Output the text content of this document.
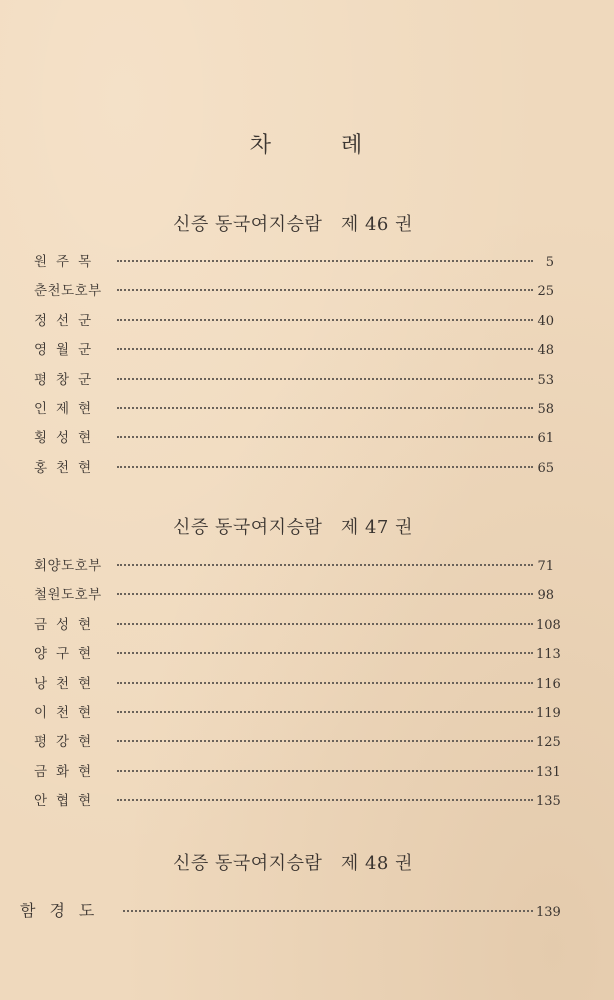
차	례
신증 동국여지승람　제 46 권
원주목	5
춘천도호부	25
정선군	40
영월군	48
평창군	53
인제현	58
횡성현	61
홍천현	65
신증 동국여지승람　제 47 권
회양도호부	71
철원도호부	98
금성현	108
양구현	113
낭천현	116
이천현	119
평강현	125
금화현	131
안협현	135
신증 동국여지승람　제 48 권
함경도	139
